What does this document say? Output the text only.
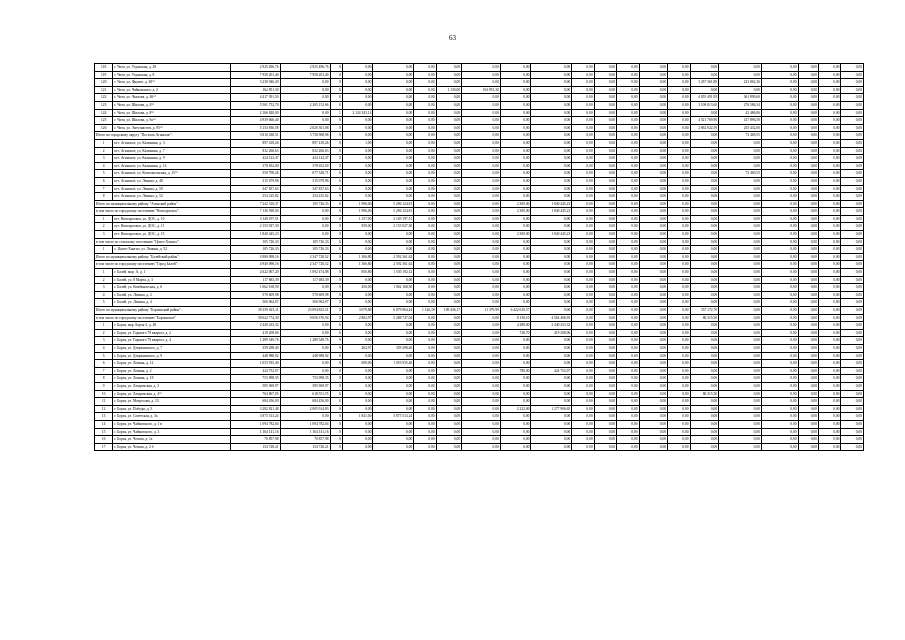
63
118	г. Чита, ул. Угданская, д. 28	2 925 496,76	2 925 496,76	0	0,00	0,00	0,00	0,00	0,00	0,00	0,00	0,00	0,00	0,00	0,00	0,00	0,00	0,00	0,00	0,00	0,00	0,00
119	г. Чита, ул. Угданская, д. 8	7 958 201,40	7 958 201,40	0	0,00	0,00	0,00	0,00	0,00	0,00	0,00	0,00	0,00	0,00	0,00	0,00	0,00	0,00	0,00	0,00	0,00	0,00
120	г. Чита, ул. Фрунзе, д. 28⁽¹⁾	3 230 946,20	0,00	0	0,00	0,00	0,00	0,00	0,00	0,00	0,00	0,00	0,00	0,00	0,00	0,00	3 457 361,89	223 862,36	0,00	0,00	0,00	0,00
121	г. Чита, ул. Чайковского, д. 2	162 851,30	0,00	0	0,00	0,00	0,00	1 130,00	163 851,30	0,00	0,00	0,00	0,00	0,00	0,00	0,00	0,00	0,00	0,00	0,00	0,00	0,00
122	г. Чита, ул. Чкалова, д. 46⁽¹⁾	4 417 391,50	0,00	0	0,00	0,00	0,00	0,00	0,00	0,00	0,00	0,00	0,00	0,00	0,00	0,00	4 055 491,95	361 899,60	0,00	0,00	0,00	0,00
123	г. Чита, ул. Шилова, д. 4⁽¹⁾	5 561 752,70	2 205 152,66	0	0,00	0,00	0,00	0,00	0,00	0,00	0,00	0,00	0,00	0,00	0,00	0,00	3 108 013,60	276 586,34	0,00	0,00	0,00	0,00
124	г. Чита, ул. Шилова, д. 8⁽¹⁾	2 166 820,00	0,00	1	2 124 343,14	0,00	0,00	0,00	0,00	0,00	0,00	0,00	0,00	0,00	0,00	0,00	0,00	42 486,86	0,00	0,00	0,00	0,00
125	г. Чита, ул. Шилова, д. 9а⁽¹⁾	4 939 666,40	0,00	0	0,00	0,00	0,00	0,00	0,00	0,00	0,00	0,00	0,00	0,00	0,00	0,00	4 521 769,90	417 896,50	0,00	0,00	0,00	0,00
126	г. Чита, ул. Энтузиастов, д. 95⁽¹⁾	5 154 836,58	2 026 301,08	0	0,00	0,00	0,00	0,00	0,00	0,00	0,00	0,00	0,00	0,00	0,00	0,00	2 862 922,59	255 432,00	0,00	0,00	0,00	0,00
Итого по городскому округу "Поселок Агинское":		3 810 438,51	3 736 968,96	0	0,00	0,00	0,00	0,00	0,00	0,00	0,00	0,00	0,00	0,00	0,00	0,00	0,00	73 469,55	0,00	0,00	0,00	0,00
1	пгт. Агинское, ул. Калинина, д. 3	897 418,26	897 418,26	0	1,00	0,00	0,00	0,00	0,00	0,00	0,00	0,00	0,00	0,00	0,00	0,00	0,00	0,00	0,00	0,00	0,00	0,00
2	пгт. Агинское, ул. Калинина, д. 7	832 266,63	832 266,63	0	0,00	0,00	0,00	0,00	0,00	0,00	0,00	0,00	0,00	0,00	0,00	0,00	0,00	0,00	0,00	0,00	0,00	0,00
3	пгт. Агинское, ул. Калинина, д. 9	424 122,47	424 122,47	0	0,00	0,00	0,00	0,00	0,00	0,00	0,00	0,00	0,00	0,00	0,00	0,00	0,00	0,00	0,00	0,00	0,00	0,00
4	пгт. Агинское, ул. Калинина, д. 14	378 652,00	378 652,00	0	0,00	0,00	0,00	0,00	0,00	0,00	0,00	0,00	0,00	0,00	0,00	0,00	0,00	0,00	0,00	0,00	0,00	0,00
5	пгт. Агинское, ул. Комсомольская, д. 15⁽¹⁾	550 798,26	677 328,71	0	0,00	0,00	0,00	0,00	0,00	0,00	0,00	0,00	0,00	0,00	0,00	0,00	0,00	73 469,55	0,00	0,00	0,00	0,00
6	пгт. Агинское, ул. Ленина, д. 48	315 079,96	315 079,96	0	0,00	0,00	0,00	0,00	0,00	0,00	0,00	0,00	0,00	0,00	0,00	0,00	0,00	0,00	0,00	0,00	0,00	0,00
7	пгт. Агинское, ул. Ленина, д. 50	347 837,63	347 837,63	0	0,00	0,00	0,00	0,00	0,00	0,00	0,00	0,00	0,00	0,00	0,00	0,00	0,00	0,00	0,00	0,00	0,00	0,00
8	пгт. Агинское, ул. Ленина, д. 52	254 225,82	254 225,82	0	0,00	0,00	0,00	0,00	0,00	0,00	0,00	0,00	0,00	0,00	0,00	0,00	0,00	0,00	0,00	0,00	0,00	0,00
Итого по муниципальному району "Агинский район":		7 242 316,37	105 726,33	0	1 996,00	5 296 124,81	0,00	0,00	0,00	2 300,00	1 840 445,23	0,00	0,00	0,00	0,00	0,00	0,00	0,00	0,00	0,00	0,00	0,00
в том числе по городскому поселению "Новоорловск":		7 136 590,04	0,00	0	1 996,00	5 296 124,81	0,00	0,00	0,00	2 300,00	1 840 445,23	0,00	0,00	0,00	0,00	0,00	0,00	0,00	0,00	0,00	0,00	0,00
1	пгт. Новоорловск, ул. ДОС, д. 10	3 149 197,51	0,00	0	1 157,00	3 149 197,51	0,00	0,00	0,00	0,00	0,00	0,00	0,00	0,00	0,00	0,00	0,00	0,00	0,00	0,00	0,00	0,00
2	пгт. Новоорловск, ул. ДОС, д. 11	2 153 927,30	0,00	0	839,00	2 153 927,30	0,00	0,00	0,00	0,00	0,00	0,00	0,00	0,00	0,00	0,00	0,00	0,00	0,00	0,00	0,00	0,00
3	пгт. Новоорловск, ул. ДОС, д. 15	1 840 445,23	0,00	0	0,00	0,00	0,00	0,00	0,00	2 300,00	1 840 445,23	0,00	0,00	0,00	0,00	0,00	0,00	0,00	0,00	0,00	0,00	0,00
в том числе по сельскому поселению "Цокто-Хангил":		105 726,33	105 726,33	0	0,00	0,00	0,00	0,00	0,00	0,00	0,00	0,00	0,00	0,00	0,00	0,00	0,00	0,00	0,00	0,00	0,00	0,00
1	с. Цокто-Хангил, ул. Ленина, д. 52	105 726,33	105 726,33	0	0,00	0,00	0,00	0,00	0,00	0,00	0,00	0,00	0,00	0,00	0,00	0,00	0,00	0,00	0,00	0,00	0,00	0,00
Итого по муниципальному району "Балейский район":		4 980 098,16	2 347 728,52	0	1 306,80	2 592 361,62	0,00	0,00	0,00	0,00	0,00	0,00	0,00	0,00	0,00	0,00	0,00	0,00	0,00	0,00	0,00	0,00
в том числе по городскому поселению "Город Балей":		4 940 098,16	2 347 728,52	0	1 306,80	2 592 361,62	0,00	0,00	0,00	0,00	0,00	0,00	0,00	0,00	0,00	0,00	0,00	0,00	0,00	0,00	0,00	0,00
1	г. Балей, мкр. А, д. 1	2 622 067,20	1 092 474,08	0	856,80	1 530 192,12	0,00	0,00	0,00	0,00	0,00	0,00	0,00	0,00	0,00	0,00	0,00	0,00	0,00	0,00	0,00	0,00
2	г. Балей, ул. 8 Марта, д. 3	117 683,39	117 683,39	0	0,00	0,00	0,00	0,00	0,00	0,00	0,00	0,00	0,00	0,00	0,00	0,00	0,00	0,00	0,00	0,00	0,00	0,00
3	г. Балей, ул. Комбинатская, д. 6	1 062 168,50	0,00	0	450,00	1 062 168,50	0,00	0,00	0,00	0,00	0,00	0,00	0,00	0,00	0,00	0,00	0,00	0,00	0,00	0,00	0,00	0,00
4	г. Балей, ул. Ленина, д. 2	570 609,98	570 609,98	0	0,00	0,00	0,00	0,00	0,00	0,00	0,00	0,00	0,00	0,00	0,00	0,00	0,00	0,00	0,00	0,00	0,00	0,00
5	г. Балей, ул. Ленина, д. 4	566 962,07	566 962,07	0	0,00	0,00	0,00	0,00	0,00	0,00	0,00	0,00	0,00	0,00	0,00	0,00	0,00	0,00	0,00	0,00	0,00	0,00
Итого по муниципальному району "Борзинский район":		39 259 023,11	23 094 823,51	0	3 079,88	6 079 964,44	1 126,39	109 436,17	11 379,99	6 422 610,57	0,00	0,00	0,00	0,00	0,00	0,00	357 172,70	0,00	0,00	0,00	0,00	0,00
в том числе по городскому поселению "Борзинское"		39 022 774,30	9 056 376,94	0	2 802,97	5 288 747,04	0,00	0,00	0,00	8 158,10	4 562 406,95	0,00	0,00	0,00	0,00	0,00	86 315,50	0,00	0,00	0,00	0,00	0,00
1	г. Борзя, мкр. Борзя-2, д. 48	2 440 433,32	0,00	0	0,00	0,00	0,00	0,00	0,00	4 288,00	2 440 433,32	0,00	0,00	0,00	0,00	0,00	0,00	0,00	0,00	0,00	0,00	0,00
2	г. Борзя, ул. Горького 79 квартал, д. 2	419 208,06	0,00	0	0,00	0,00	0,00	0,00	0,00	728,70	419 208,06	0,00	0,00	0,00	0,00	0,00	0,00	0,00	0,00	0,00	0,00	0,00
3	г. Борзя, ул. Горького 79 квартал, д. 4	1 289 549,76	1 289 549,76	0	0,00	0,00	0,00	0,00	0,00	0,00	0,00	0,00	0,00	0,00	0,00	0,00	0,00	0,00	0,00	0,00	0,00	0,00
4	г. Борзя, ул. Дзержинского, д. 7	359 298,40	0,00	0	262,97	359 298,40	0,00	0,00	0,00	0,00	0,00	0,00	0,00	0,00	0,00	0,00	0,00	0,00	0,00	0,00	0,00	0,00
5	г. Борзя, ул. Дзержинского, д. 9	448 988,92	448 988,92	0	0,00	0,00	0,00	0,00	0,00	0,00	0,00	0,00	0,00	0,00	0,00	0,00	0,00	0,00	0,00	0,00	0,00	0,00
6	г. Борзя, ул. Ленина, д. 12	1 053 935,40	0,00	0	699,00	1 053 935,40	0,00	0,00	0,00	0,00	0,00	0,00	0,00	0,00	0,00	0,00	0,00	0,00	0,00	0,00	0,00	0,00
7	г. Борзя, ул. Ленина, д. 2	424 752,07	0,00	0	0,00	0,00	0,00	0,00	0,00	788,00	424 752,07	0,00	0,00	0,00	0,00	0,00	0,00	0,00	0,00	0,00	0,00	0,00
8	г. Борзя, ул. Ленина, д. 18	753 098,35	753 098,35	0	0,00	0,00	0,00	0,00	0,00	0,00	0,00	0,00	0,00	0,00	0,00	0,00	0,00	0,00	0,00	0,00	0,00	0,00
9	г. Борзя, ул. Лазаревская, д. 3	585 969,97	585 969,97	0	0,00	0,00	0,00	0,00	0,00	0,00	0,00	0,00	0,00	0,00	0,00	0,00	0,00	0,00	0,00	0,00	0,00	0,00
10	г. Борзя, ул. Лазаревская, д. 4⁽¹⁾	704 867,05	618 551,55	0	0,00	0,00	0,00	0,00	0,00	0,00	0,00	0,00	0,00	0,00	0,00	0,00	86 315,50	0,00	0,00	0,00	0,00	0,00
11	г. Борзя, ул. Матросова, д. 23	684 456,00	684 456,00	0	0,00	0,00	0,00	0,00	0,00	0,00	0,00	0,00	0,00	0,00	0,00	0,00	0,00	0,00	0,00	0,00	0,00	0,00
12	г. Борзя, ул. Победы, д. 5	3 282 821,48	2 005 914,83	0	0,00	0,00	0,00	0,00	0,00	2 222,00	1 277 906,65	0,00	0,00	0,00	0,00	0,00	0,00	0,00	0,00	0,00	0,00	0,00
13	г. Борзя, ул. Советская, д. 3а	3 875 513,24	0,00	0	1 841,00	3 875 513,24	0,00	0,00	0,00	0,00	0,00	0,00	0,00	0,00	0,00	0,00	0,00	0,00	0,00	0,00	0,00	0,00
14	г. Борзя, ул. Чайковского, д. 1 в	1 094 782,04	1 094 782,04	0	0,00	0,00	0,00	0,00	0,00	0,00	0,00	0,00	0,00	0,00	0,00	0,00	0,00	0,00	0,00	0,00	0,00	0,00
15	г. Борзя, ул. Чайковского, д. 3	1 164 141,16	1 164 141,16	0	0,00	0,00	0,00	0,00	0,00	0,00	0,00	0,00	0,00	0,00	0,00	0,00	0,00	0,00	0,00	0,00	0,00	0,00
16	г. Борзя, ул. Чехова, д. 1а	70 857,98	70 857,98	0	0,00	0,00	0,00	0,00	0,00	0,00	0,00	0,00	0,00	0,00	0,00	0,00	0,00	0,00	0,00	0,00	0,00	0,00
17	г. Борзя, ул. Чехова, д. 2 б	154 728,21	154 728,21	0	0,00	0,00	0,00	0,00	0,00	0,00	0,00	0,00	0,00	0,00	0,00	0,00	0,00	0,00	0,00	0,00	0,00	0,00
